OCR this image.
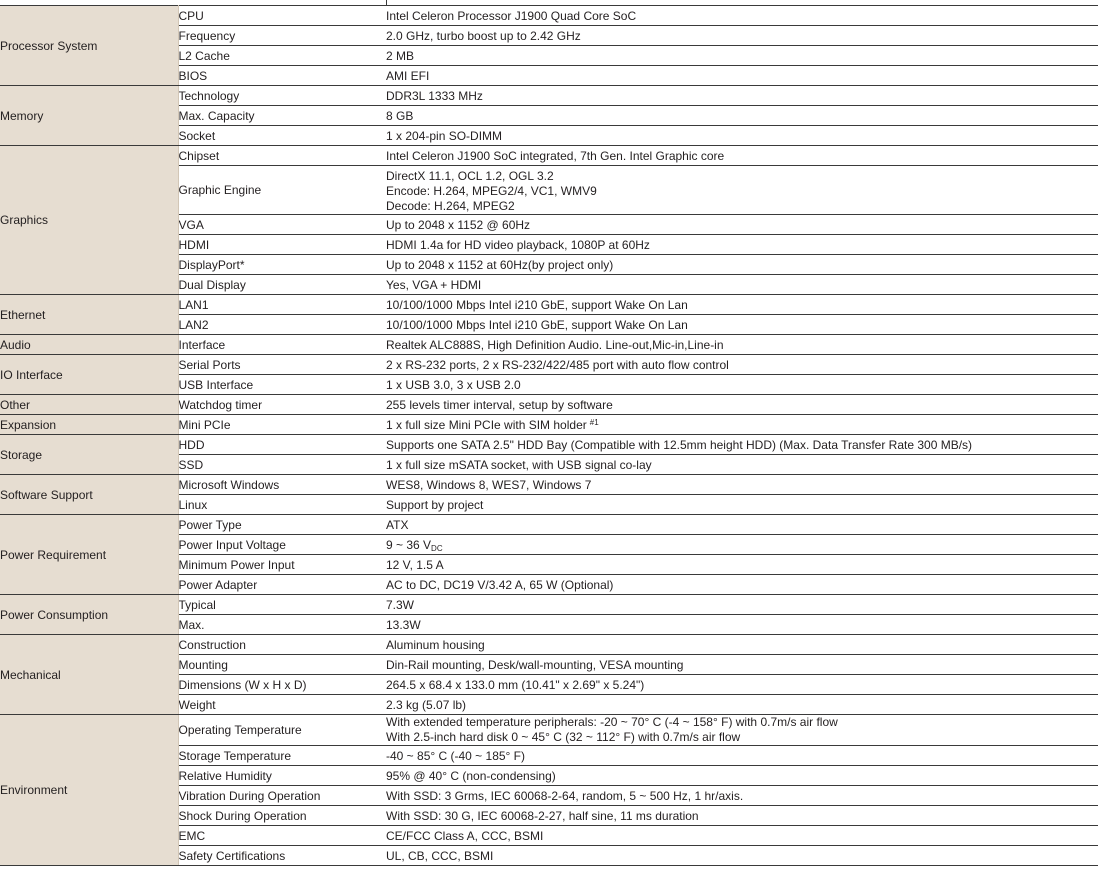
Processor System	CPU	Intel Celeron Processor J1900 Quad Core SoC
	Frequency	2.0 GHz, turbo boost up to 2.42 GHz
	L2 Cache	2 MB
	BIOS	AMI EFI
Memory	Technology	DDR3L 1333 MHz
	Max. Capacity	8 GB
	Socket	1 x 204-pin SO-DIMM
Graphics	Chipset	Intel Celeron J1900 SoC integrated, 7th Gen. Intel Graphic core
	Graphic Engine	DirectX 11.1, OCL 1.2, OGL 3.2
Encode: H.264, MPEG2/4, VC1, WMV9
Decode: H.264, MPEG2

	VGA	Up to 2048 x 1152 @ 60Hz
	HDMI	HDMI 1.4a for HD video playback, 1080P at 60Hz
	DisplayPort*	Up to 2048 x 1152 at 60Hz(by project only)
	Dual Display	Yes, VGA + HDMI
Ethernet	LAN1	10/100/1000 Mbps Intel i210 GbE, support Wake On Lan
	LAN2	10/100/1000 Mbps Intel i210 GbE, support Wake On Lan
Audio	Interface	Realtek ALC888S, High Definition Audio. Line-out,Mic-in,Line-in
IO Interface	Serial Ports	2 x RS-232 ports, 2 x RS-232/422/485 port with auto flow control
	USB Interface	1 x USB 3.0, 3 x USB 2.0
Other	Watchdog timer	255 levels timer interval, setup by software
Expansion	Mini PCIe	1 x full size Mini PCIe with SIM holder $^{\#1}$
Storage	HDD	Supports one SATA 2.5" HDD Bay (Compatible with 12.5mm height HDD) (Max. Data Transfer Rate 300 MB/s)
	SSD	1 x full size mSATA socket, with USB signal co-lay
Software Support	Microsoft Windows	WES8, Windows 8, WES7, Windows 7
	Linux	Support by project
Power Requirement	Power Type	ATX
	Power Input Voltage	9 ~ 36 $V_{DC}$
	Minimum Power Input	12 V, 1.5 A
	Power Adapter	AC to DC, DC19 V/3.42 A, 65 W (Optional)
Power Consumption	Typical	7.3W
	Max.	13.3W
Mechanical	Construction	Aluminum housing
	Mounting	Din-Rail mounting, Desk/wall-mounting, VESA mounting
	Dimensions (W x H x D)	264.5 x 68.4 x 133.0 mm (10.41" x 2.69" x 5.24")
	Weight	2.3 kg (5.07 lb)
Environment	Operating Temperature	With extended temperature peripherals: -20 ~ 70° C (-4 ~ 158° F) with 0.7m/s air flow
With 2.5-inch hard disk 0 ~ 45° C (32 ~ 112° F) with 0.7m/s air flow

	Storage Temperature	-40 ~ 85° C (-40 ~ 185° F)
	Relative Humidity	95% @ 40° C (non-condensing)
	Vibration During Operation	With SSD: 3 Grms, IEC 60068-2-64, random, 5 ~ 500 Hz, 1 hr/axis.
	Shock During Operation	With SSD: 30 G, IEC 60068-2-27, half sine, 11 ms duration
	EMC	CE/FCC Class A, CCC, BSMI
	Safety Certifications	UL, CB, CCC, BSMI
